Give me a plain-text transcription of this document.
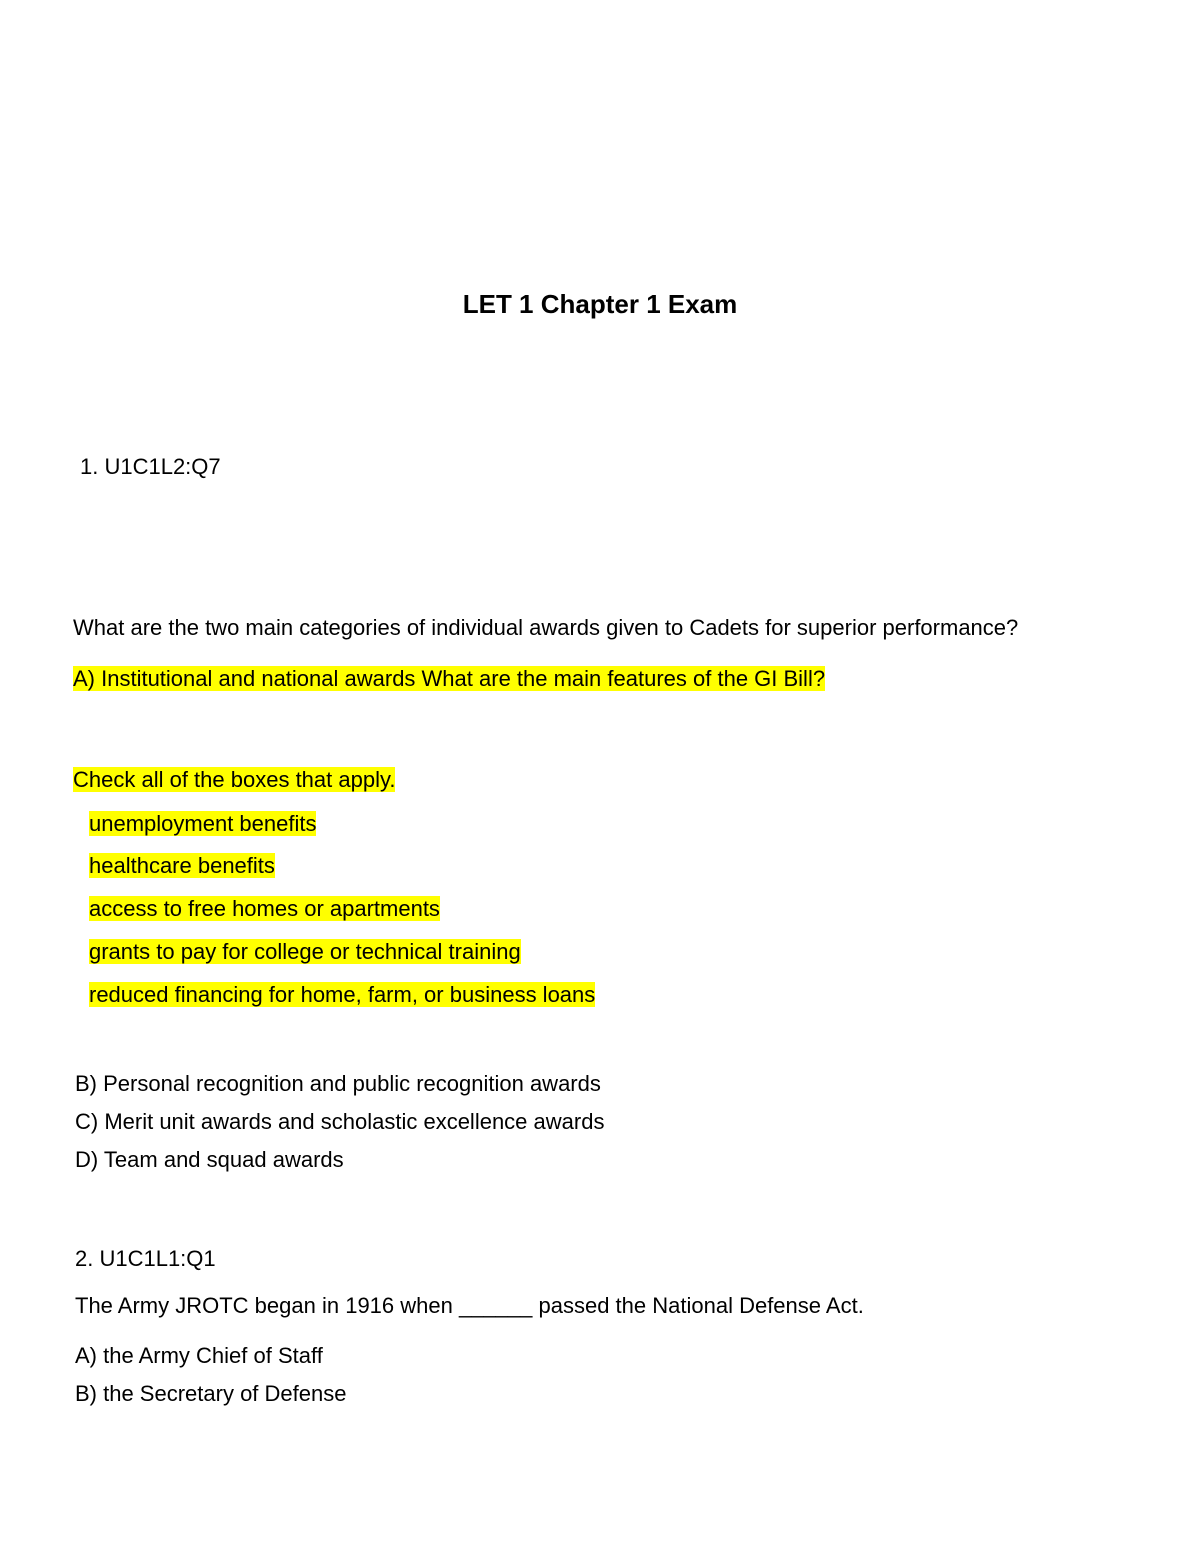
LET 1 Chapter 1 Exam
1. U1C1L2:Q7
What are the two main categories of individual awards given to Cadets for superior performance?
A) Institutional and national awards What are the main features of the GI Bill?
Check all of the boxes that apply.
unemployment benefits
healthcare benefits
access to free homes or apartments
grants to pay for college or technical training
reduced financing for home, farm, or business loans
B) Personal recognition and public recognition awards
C) Merit unit awards and scholastic excellence awards
D) Team and squad awards
2. U1C1L1:Q1
The Army JROTC began in 1916 when ______ passed the National Defense Act.
A) the Army Chief of Staff
B) the Secretary of Defense
